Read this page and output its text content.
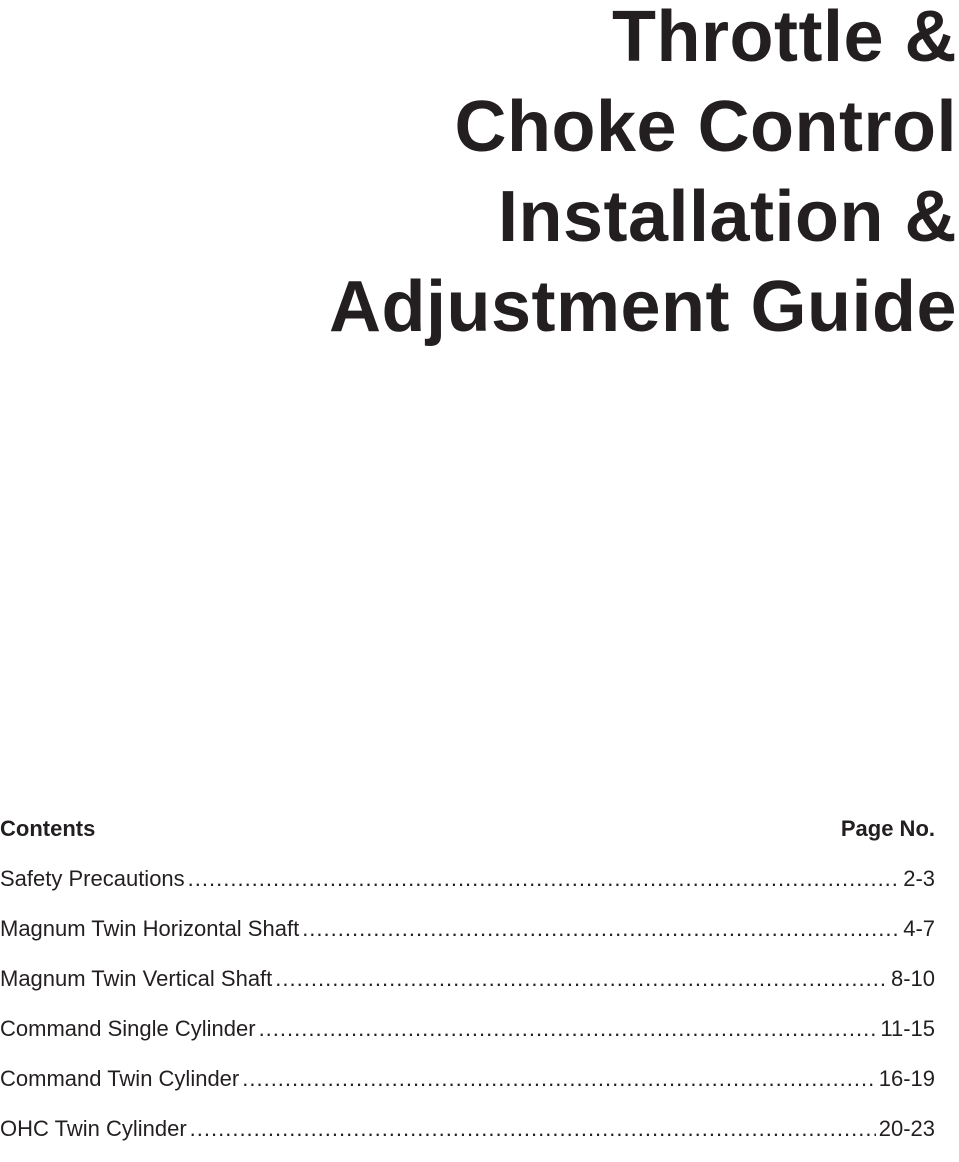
Throttle &
Choke Control
Installation &
Adjustment Guide
Contents	Page No.
Safety Precautions .....	2-3
Magnum Twin Horizontal Shaft .....	4-7
Magnum Twin Vertical Shaft .....	8-10
Command Single Cylinder .....	11-15
Command Twin Cylinder .....	16-19
OHC Twin Cylinder .....	20-23
